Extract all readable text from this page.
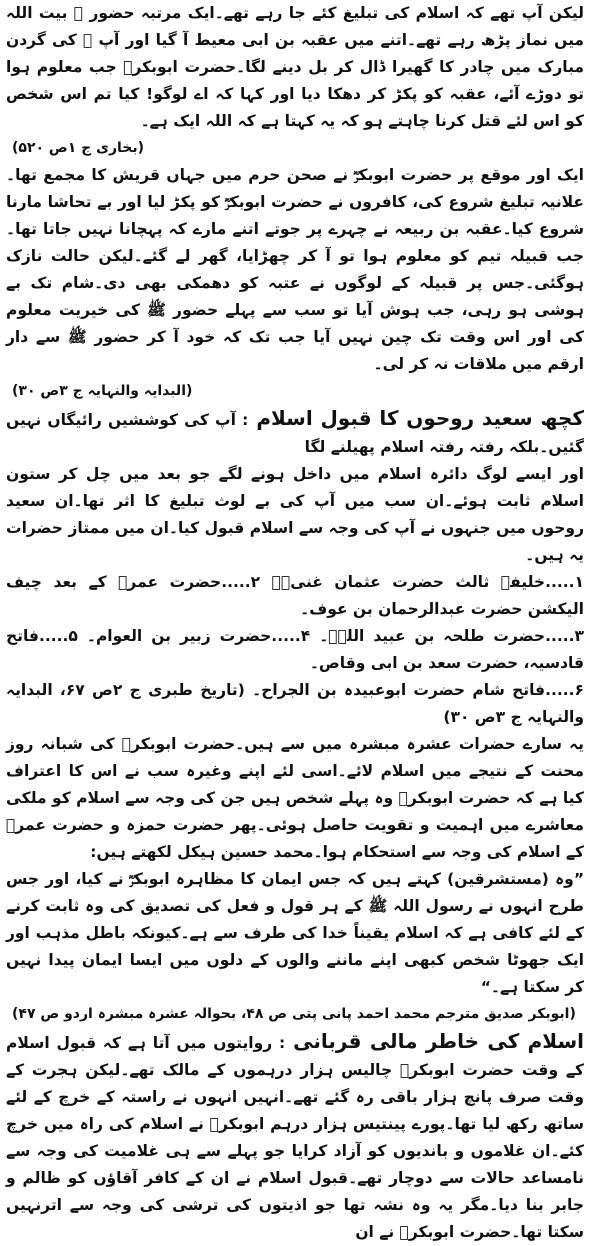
لیکن آپ تھے کہ اسلام کی تبلیغ کئے جا رہے تھے۔ایک مرتبہ حضور ﷺ بیت اللہ میں نماز پڑھ رہے تھے۔اتنے میں عقبہ بن ابی معیط آ گیا اور آپ ﷺ کی گردن مبارک میں چادر کا گھیرا ڈال کر بل دینے لگا۔حضرت ابوبکرؓ جب معلوم ہوا تو دوڑے آئے، عقبہ کو پکڑ کر دھکا دیا اور کہا کہ اے لوگو! کیا تم اس شخص کو اس لئے قتل کرنا چاہتے ہو کہ یہ کہتا ہے کہ اللہ ایک ہے۔

(بخاری ج ۱ص ۵۲۰)

ایک اور موقع پر حضرت ابوبکرؓ نے صحن حرم میں جہاں قریش کا مجمع تھا۔علانیہ تبلیغ شروع کی، کافروں نے حضرت ابوبکرؓ کو پکڑ لیا اور بے تحاشا مارنا شروع کیا۔عقبہ بن ربیعہ نے چہرے پر جوتے اتنے مارے کہ پہچانا نہیں جاتا تھا۔جب قبیلہ تیم کو معلوم ہوا تو آ کر چھڑایا، گھر لے گئے۔لیکن حالت نازک ہوگئی۔جس پر قبیلہ کے لوگوں نے عتبہ کو دھمکی بھی دی۔شام تک بے ہوشی ہو رہی، جب ہوش آیا تو سب سے پہلے حضور ﷺ کی خیریت معلوم کی اور اس وقت تک چین نہیں آیا جب تک کہ خود آ کر حضور ﷺ سے دار ارقم میں ملاقات نہ کر لی۔

(البدایہ والنہایہ ج ۳ص ۳۰)

کچھ سعید روحوں کا قبول اسلام: آپ کی کوششیں رائیگاں نہیں گئیں۔بلکہ رفتہ رفتہ اسلام پھیلنے لگا

اور ایسے لوگ دائرہ اسلام میں داخل ہونے لگے جو بعد میں چل کر ستون اسلام ثابت ہوئے۔ان سب میں آپ کی بے لوث تبلیغ کا اثر تھا۔ان سعید روحوں میں جنہوں نے آپ کی وجہ سے اسلام قبول کیا۔ان میں ممتاز حضرات یہ ہیں۔

۱.....خلیفہ ثالث حضرت عثمان غنیؓ۔ ۲.....حضرت عمرؓ کے بعد چیف الیکشن حضرت عبدالرحمان بن عوف۔

۳.....حضرت طلحہ بن عبید اللہؓ۔ ۴.....حضرت زبیر بن العوام۔ ۵.....فاتح قادسیہ، حضرت سعد بن ابی وقاص۔

۶.....فاتح شام حضرت ابوعبیدہ بن الجراح۔ (تاریخ طبری ج ۲ص ۶۷، البدایہ والنہایہ ج ۳ص ۳۰)

یہ سارے حضرات عشرہ مبشرہ میں سے ہیں۔حضرت ابوبکرؓ کی شبانہ روز محنت کے نتیجے میں اسلام لائے۔اسی لئے اپنے وغیرہ سب نے اس کا اعتراف کیا ہے کہ حضرت ابوبکرؓ وہ پہلے شخص ہیں جن کی وجہ سے اسلام کو ملکی معاشرے میں اہمیت و تقویت حاصل ہوئی۔پھر حضرت حمزہ و حضرت عمرؓ کے اسلام کی وجہ سے استحکام ہوا۔محمد حسین ہیکل لکھتے ہیں:

”وہ (مستشرقین) کہتے ہیں کہ جس ایمان کا مظاہرہ ابوبکرؓ نے کیا، اور جس طرح انہوں نے رسول اللہ ﷺ کے ہر قول و فعل کی تصدیق کی وہ ثابت کرنے کے لئے کافی ہے کہ اسلام یقیناً خدا کی طرف سے ہے۔کیونکہ باطل مذہب اور ایک جھوٹا شخص کبھی اپنے ماننے والوں کے دلوں میں ایسا ایمان پیدا نہیں کر سکتا ہے۔“

(ابوبکر صدیق مترجم محمد احمد پانی پتی ص ۴۸، بحوالہ عشرہ مبشرہ اردو ص ۴۷)

اسلام کی خاطر مالی قربانی: روایتوں میں آتا ہے کہ قبول اسلام کے وقت حضرت ابوبکرؓ چالیس ہزار درہموں کے مالک تھے۔لیکن ہجرت کے وقت صرف پانچ ہزار باقی رہ گئے تھے۔انہیں انہوں نے راستہ کے خرچ کے لئے ساتھ رکھ لیا تھا۔پورے پینتیس ہزار درہم ابوبکرؓ نے اسلام کی راہ میں خرچ کئے۔ان غلاموں و باندیوں کو آزاد کرایا جو پہلے سے ہی غلامیت کی وجہ سے نامساعد حالات سے دوچار تھے۔قبول اسلام نے ان کے کافر آقاؤں کو ظالم و جابر بنا دیا۔مگر یہ وہ نشہ تھا جو اذیتوں کی ترشی کی وجہ سے اترنہیں سکتا تھا۔حضرت ابوبکرؓ نے ان
